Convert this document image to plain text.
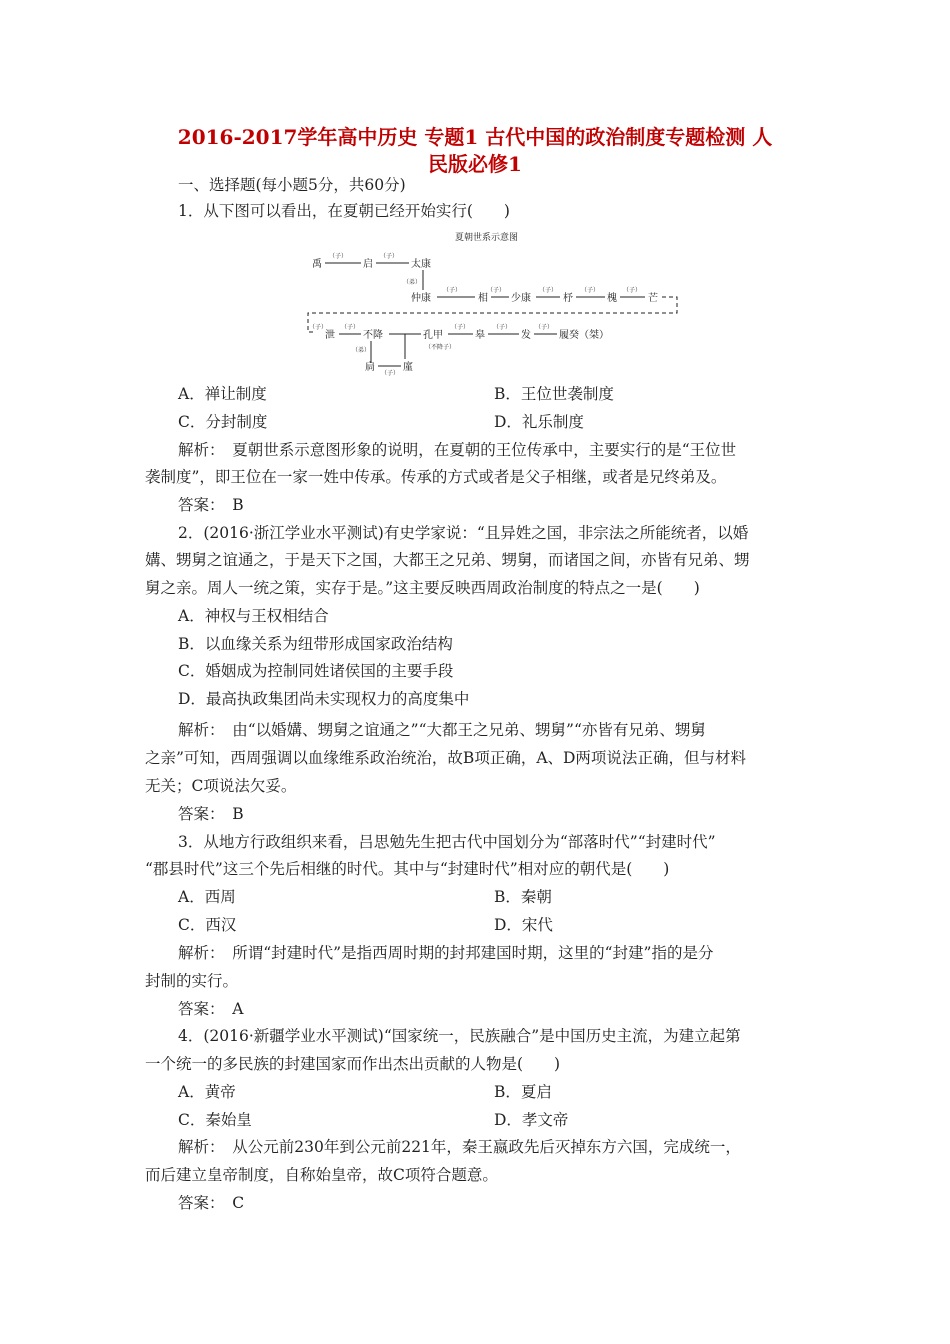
2016-2017学年高中历史 专题1 古代中国的政治制度专题检测 人
民版必修1
一、选择题(每小题5分，共60分)
1．从下图可以看出，在夏朝已经开始实行(　　)
夏朝世系示意图
禹
（子）
启
（子）
太康
（弟）
仲康
（子）
相
（子）
少康
（子）
杼
（子）
槐
（子）
芒
（子）
泄
（子）
不降	孔甲
（子）
皋
（子）
发
（子）
履癸（桀）
（弟）	（不降子）
扃
（子）
廑
A．禅让制度	B．王位世袭制度
C．分封制度	D．礼乐制度
解析：　夏朝世系示意图形象的说明，在夏朝的王位传承中，主要实行的是“王位世
袭制度”，即王位在一家一姓中传承。传承的方式或者是父子相继，或者是兄终弟及。
答案：　B
2．(2016·浙江学业水平测试)有史学家说：“且异姓之国，非宗法之所能统者，以婚
媾、甥舅之谊通之，于是天下之国，大都王之兄弟、甥舅，而诸国之间，亦皆有兄弟、甥
舅之亲。周人一统之策，实存于是。”这主要反映西周政治制度的特点之一是(　　)
A．神权与王权相结合
B．以血缘关系为纽带形成国家政治结构
C．婚姻成为控制同姓诸侯国的主要手段
D．最高执政集团尚未实现权力的高度集中
解析：　由“以婚媾、甥舅之谊通之”“大都王之兄弟、甥舅”“亦皆有兄弟、甥舅
之亲”可知，西周强调以血缘维系政治统治，故B项正确，A、D两项说法正确，但与材料
无关；C项说法欠妥。
答案：　B
3．从地方行政组织来看，吕思勉先生把古代中国划分为“部落时代”“封建时代”
“郡县时代”这三个先后相继的时代。其中与“封建时代”相对应的朝代是(　　)
A．西周	B．秦朝
C．西汉	D．宋代
解析：　所谓“封建时代”是指西周时期的封邦建国时期，这里的“封建”指的是分
封制的实行。
答案：　A
4．(2016·新疆学业水平测试)“国家统一，民族融合”是中国历史主流，为建立起第
一个统一的多民族的封建国家而作出杰出贡献的人物是(　　)
A．黄帝	B．夏启
C．秦始皇	D．孝文帝
解析：　从公元前230年到公元前221年，秦王嬴政先后灭掉东方六国，完成统一，
而后建立皇帝制度，自称始皇帝，故C项符合题意。
答案：　C
